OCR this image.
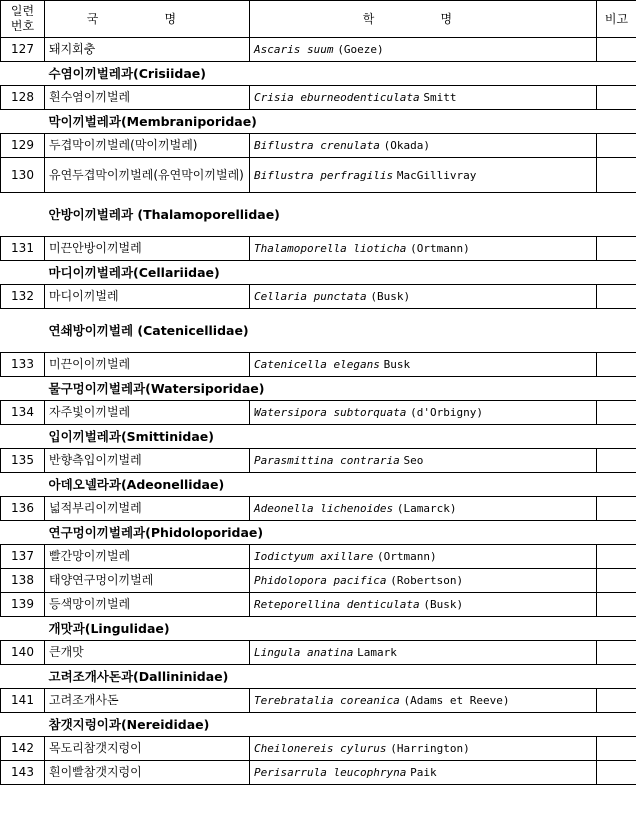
일련
번호	국 명	학 명	비고
127	돼지회충	Ascaris suum (Goeze)	
수염이끼벌레과(Crisiidae)			
128	흰수염이끼벌레	Crisia eburneodenticulata Smitt	
막이끼벌레과(Membraniporidae)			
129	두겹막이끼벌레(막이끼벌레)	Biflustra crenulata (Okada)	
130	유연두겹막이끼벌레(유연막이끼벌레)	Biflustra perfragilis MacGillivray	
안방이끼벌레과 (Thalamoporellidae)			
131	미끈안방이끼벌레	Thalamoporella lioticha (Ortmann)	
마디이끼벌레과(Cellariidae)			
132	마디이끼벌레	Cellaria punctata (Busk)	
연쇄방이끼벌레 (Catenicellidae)			
133	미끈이이끼벌레	Catenicella elegans Busk	
물구멍이끼벌레과(Watersiporidae)			
134	자주빛이끼벌레	Watersipora subtorquata (d'Orbigny)	
입이끼벌레과(Smittinidae)			
135	반향측입이끼벌레	Parasmittina contraria Seo	
아데오넬라과(Adeonellidae)			
136	넓적부리이끼벌레	Adeonella lichenoides (Lamarck)	
연구멍이끼벌레과(Phidoloporidae)			
137	빨간망이끼벌레	Iodictyum axillare (Ortmann)	
138	태양연구멍이끼벌레	Phidolopora pacifica (Robertson)	
139	등색망이끼벌레	Reteporellina denticulata (Busk)	
개맛과(Lingulidae)			
140	큰개맛	Lingula anatina Lamark	
고려조개사돈과(Dallininidae)			
141	고려조개사돈	Terebratalia coreanica (Adams et Reeve)	
참갯지렁이과(Nereididae)			
142	목도리참갯지렁이	Cheilonereis cylurus (Harrington)	
143	흰이빨참갯지렁이	Perisarrula leucophryna Paik	
